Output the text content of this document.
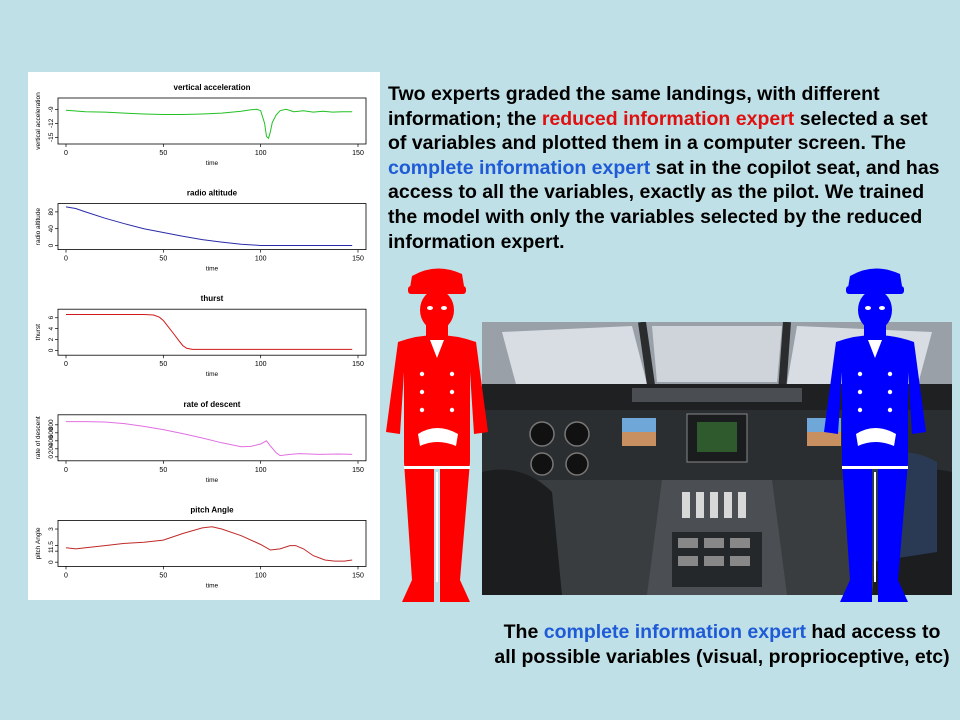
vertical acceleration
0	50	100	150
-15
-12
-9
time
vertical acceleration
radio altitude
0	50	100	150
0
40
80
time
radio altitude
thurst
0	50	100	150
0
2
4
6
time
thurst
rate of descent
0	50	100	150
0
200
400
600
800
time
rate of descent
pitch Angle
0	50	100	150
0
1
1.5
3
time
pitch Angle
Two experts graded the same landings, with different information; the reduced information expert selected a set of variables and plotted them in a computer screen. The complete information expert sat in the copilot seat, and has access to all the variables, exactly as the pilot. We trained the model with only the variables selected by the reduced information expert.
The complete information expert had access to all possible variables (visual, proprioceptive, etc)
